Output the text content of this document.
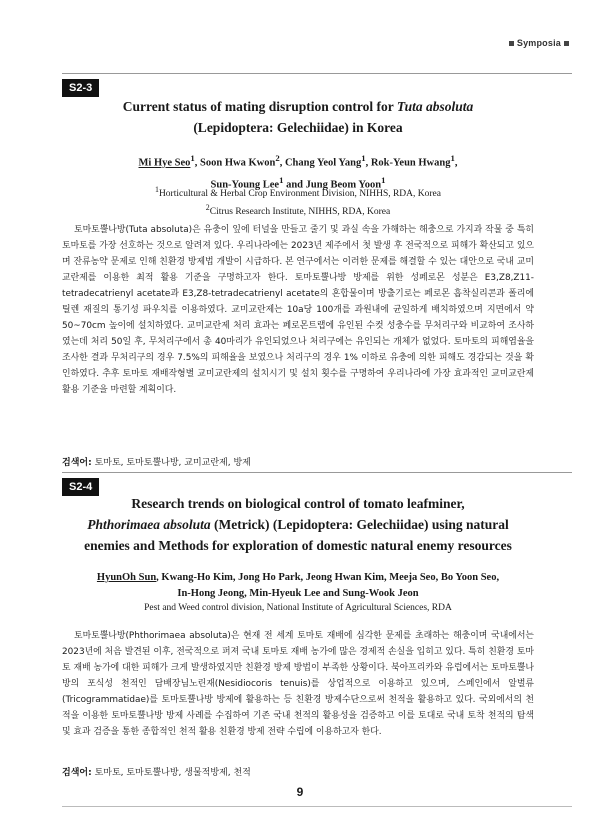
Symposia
S2-3
Current status of mating disruption control for Tuta absoluta
(Lepidoptera: Gelechiidae) in Korea
Mi Hye Seo$^1$, Soon Hwa Kwon$^2$, Chang Yeol Yang$^1$, Rok-Yeun Hwang$^1$,
Sun-Young Lee$^1$ and Jung Beom Yoon$^1$
$^1$Horticultural & Herbal Crop Environment Division, NIHHS, RDA, Korea
$^2$Citrus Research Institute, NIHHS, RDA, Korea
토마토뿔나방(Tuta absoluta)은 유충이 잎에 터널을 만들고 줄기 및 과실 속을 가해하는 해충으로 가지과 작물 중 특히 토마토를 가장 선호하는 것으로 알려져 있다. 우리나라에는 2023년 제주에서 첫 발생 후 전국적으로 피해가 확산되고 있으며 잔류농약 문제로 인해 친환경 방제법 개발이 시급하다. 본 연구에서는 이러한 문제를 해결할 수 있는 대안으로 국내 교미교란제를 이용한 최적 활용 기준을 구명하고자 한다. 토마토뿔나방 방제를 위한 성페로몬 성분은 E3,Z8,Z11-tetradecatrienyl acetate과 E3,Z8-tetradecatrienyl acetate의 혼합물이며 방출기로는 페로몬 흡착실리콘과 폴리에틸렌 재질의 통기성 파우치를 이용하였다. 교미교란제는 10a당 100개를 과원내에 균일하게 배치하였으며 지면에서 약 50~70cm 높이에 설치하였다. 교미교란제 처리 효과는 페로몬트랩에 유인된 수컷 성충수를 무처리구와 비교하여 조사하였는데 처리 50일 후, 무처리구에서 총 40마리가 유인되었으나 처리구에는 유인되는 개체가 없었다. 토마토의 피해엽율을 조사한 결과 무처리구의 경우 7.5%의 피해율을 보였으나 처리구의 경우 1% 이하로 유충에 의한 피해도 경감되는 것을 확인하였다. 추후 토마토 재배작형별 교미교란제의 설치시기 및 설치 횟수를 구명하여 우리나라에 가장 효과적인 교미교란제 활용 기준을 마련할 계획이다.
검색어: 토마토, 토마토뿔나방, 교미교란제, 방제
S2-4
Research trends on biological control of tomato leafminer,
Phthorimaea absoluta (Metrick) (Lepidoptera: Gelechiidae) using natural
enemies and Methods for exploration of domestic natural enemy resources
HyunOh Sun, Kwang-Ho Kim, Jong Ho Park, Jeong Hwan Kim, Meeja Seo, Bo Yoon Seo,
In-Hong Jeong, Min-Hyeuk Lee and Sung-Wook Jeon
Pest and Weed control division, National Institute of Agricultural Sciences, RDA
토마토뿔나방(Phthorimaea absoluta)은 현재 전 세계 토마토 재배에 심각한 문제를 초래하는 해충이며 국내에서는 2023년에 처음 발견된 이후, 전국적으로 퍼져 국내 토마토 재배 농가에 많은 경제적 손실을 입히고 있다. 특히 친환경 토마토 재배 농가에 대한 피해가 크게 발생하였지만 친환경 방제 방법이 부족한 상황이다. 북아프리카와 유럽에서는 토마토뿔나방의 포식성 천적인 담배장님노린재(Nesidiocoris tenuis)를 상업적으로 이용하고 있으며, 스페인에서 알벌류(Tricogrammatidae)를 토마토뿔나방 방제에 활용하는 등 친환경 방제수단으로써 천적을 활용하고 있다. 국외에서의 천적을 이용한 토마토뿔나방 방제 사례를 수집하여 기존 국내 천적의 활용성을 검증하고 이를 토대로 국내 토착 천적의 탐색 및 효과 검증을 통한 종합적인 천적 활용 친환경 방제 전략 수립에 이용하고자 한다.
검색어: 토마토, 토마토뿔나방, 생물적방제, 천적
9
